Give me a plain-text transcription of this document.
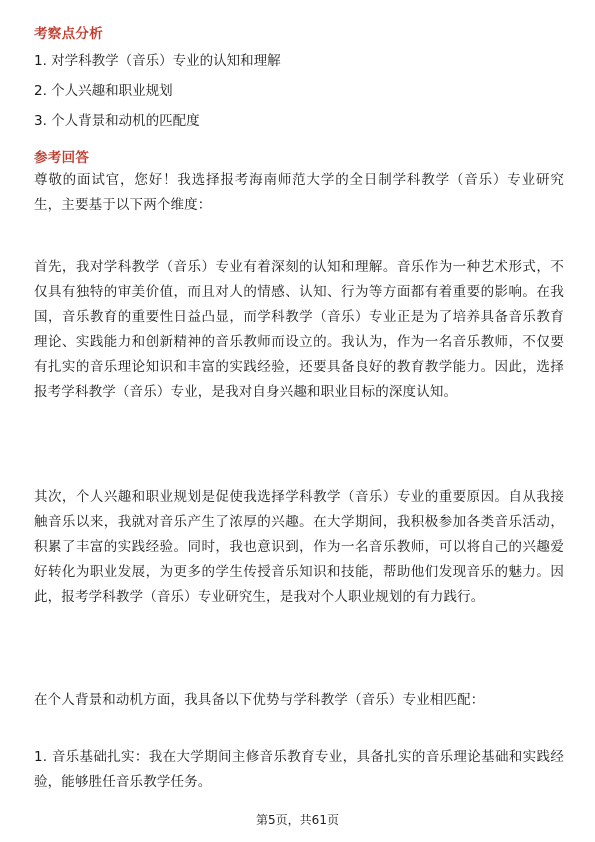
考察点分析
1. 对学科教学（音乐）专业的认知和理解
2. 个人兴趣和职业规划
3. 个人背景和动机的匹配度
参考回答
尊敬的面试官，您好！我选择报考海南师范大学的全日制学科教学（音乐）专业研究生，主要基于以下两个维度：
首先，我对学科教学（音乐）专业有着深刻的认知和理解。音乐作为一种艺术形式，不仅具有独特的审美价值，而且对人的情感、认知、行为等方面都有着重要的影响。在我国，音乐教育的重要性日益凸显，而学科教学（音乐）专业正是为了培养具备音乐教育理论、实践能力和创新精神的音乐教师而设立的。我认为，作为一名音乐教师，不仅要有扎实的音乐理论知识和丰富的实践经验，还要具备良好的教育教学能力。因此，选择报考学科教学（音乐）专业，是我对自身兴趣和职业目标的深度认知。
其次，个人兴趣和职业规划是促使我选择学科教学（音乐）专业的重要原因。自从我接触音乐以来，我就对音乐产生了浓厚的兴趣。在大学期间，我积极参加各类音乐活动，积累了丰富的实践经验。同时，我也意识到，作为一名音乐教师，可以将自己的兴趣爱好转化为职业发展，为更多的学生传授音乐知识和技能，帮助他们发现音乐的魅力。因此，报考学科教学（音乐）专业研究生，是我对个人职业规划的有力践行。
在个人背景和动机方面，我具备以下优势与学科教学（音乐）专业相匹配：
1. 音乐基础扎实：我在大学期间主修音乐教育专业，具备扎实的音乐理论基础和实践经验，能够胜任音乐教学任务。
第5页，共61页
